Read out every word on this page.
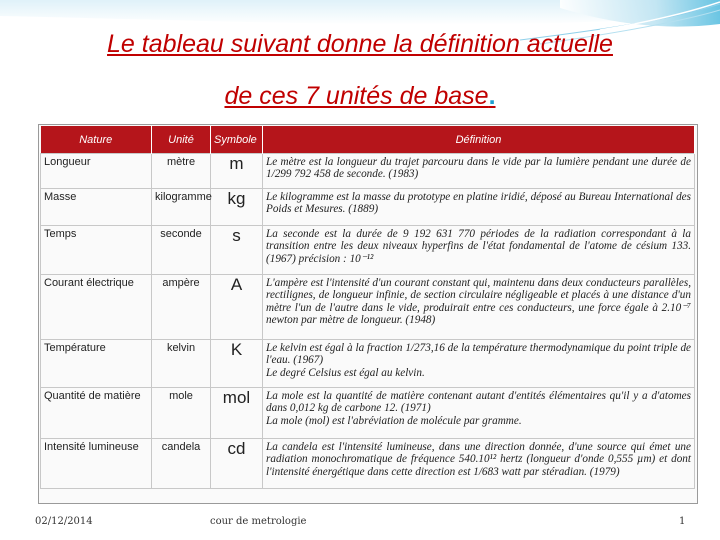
Le tableau suivant donne la définition actuelle
de ces 7 unités de base.
Nature	Unité	Symbole	Définition
Longueur	mètre	m	Le mètre est la longueur du trajet parcouru dans le vide par la lumière pendant une durée de 1/299 792 458 de seconde. (1983)
Masse	kilogramme	kg	Le kilogramme est la masse du prototype en platine iridié, déposé au Bureau International des Poids et Mesures. (1889)
Temps	seconde	s	La seconde est la durée de 9 192 631 770 périodes de la radiation correspondant à la transition entre les deux niveaux hyperfins de l'état fondamental de l'atome de césium 133. (1967) précision : 10⁻¹²
Courant électrique	ampère	A	L'ampère est l'intensité d'un courant constant qui, maintenu dans deux conducteurs parallèles, rectilignes, de longueur infinie, de section circulaire négligeable et placés à une distance d'un mètre l'un de l'autre dans le vide, produirait entre ces conducteurs, une force égale à 2.10⁻⁷ newton par mètre de longueur. (1948)
Température	kelvin	K	Le kelvin est égal à la fraction 1/273,16 de la température thermodynamique du point triple de l'eau. (1967)
Le degré Celsius est égal au kelvin.
Quantité de matière	mole	mol	La mole est la quantité de matière contenant autant d'entités élémentaires qu'il y a d'atomes dans 0,012 kg de carbone 12. (1971)
La mole (mol) est l'abréviation de molécule par gramme.
Intensité lumineuse	candela	cd	La candela est l'intensité lumineuse, dans une direction donnée, d'une source qui émet une radiation monochromatique de fréquence 540.10¹² hertz (longueur d'onde 0,555 µm) et dont l'intensité énergétique dans cette direction est 1/683 watt par stéradian. (1979)
02/12/2014	cour de metrologie	1
